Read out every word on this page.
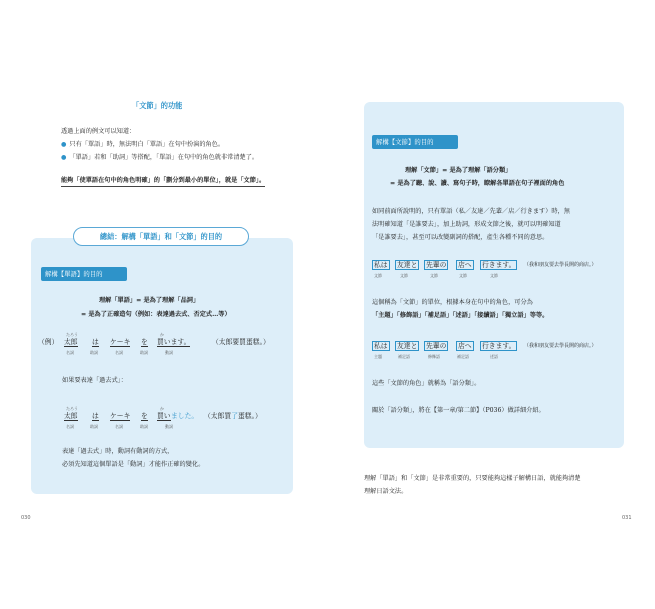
「文節」的功能
透過上面的例文可以知道：
● 只有「單語」時，無法明白「單語」在句中扮演的角色。
● 「單語」若和「助詞」等搭配，「單語」在句中的角色就非常清楚了。
能夠「使單語在句中的角色明確」的「劃分到最小的單位」，就是「文節」。
總結：解構「單語」和「文節」的目的
解構【單語】的目的
理解「單語」= 是為了理解「品詞」
= 是為了正確造句（例如：表達過去式、否定式…等）
（例） 太郎 は ケーキ を 買います。
たろう	か
（太郎要買蛋糕。）
名詞	助詞	名詞	助詞	動詞
如果要表達「過去式」：
太郎 は ケーキ を 買い ました。
たろう	か
（太郎買了蛋糕。）
名詞	助詞	名詞	助詞	動詞
表達「過去式」時，動詞有動詞的方式，
必須先知道這個單語是「動詞」才能作正確的變化。
030
解構【文節】的目的
理解「文節」= 是為了理解「語分類」
= 是為了聽、說、讀、寫句子時，瞭解各單語在句子裡面的角色
如同前面所說明的，只有單語（私／友達／先輩／店／行きます）時，無
法明確知道「是誰要去」，加上助詞，形成文節之後，就可以明確知道
「是誰要去」，甚至可以改變副詞的搭配，產生各種不同的意思。
私は 友達と 先輩の 店へ 行きます。	（我和朋友要去學長開的商店。）
文節	文節	文節	文節	文節
這個稱為「文節」的單位，根據本身在句中的角色，可分為
「主題」「修飾語」「補足語」「述語」「接續語」「獨立語」等等。
私は 友達と 先輩の 店へ 行きます。	（我和朋友要去學長開的商店。）
主題	補足語	修飾語	補足語	述語
這些「文節的角色」就稱為「語分類」。
關於「語分類」，將在【第一章/第二節】（P036）做詳細介紹。
理解「單語」和「文節」是非常重要的，只要能夠這樣子解構日語，就能夠清楚
理解日語文法。
031
